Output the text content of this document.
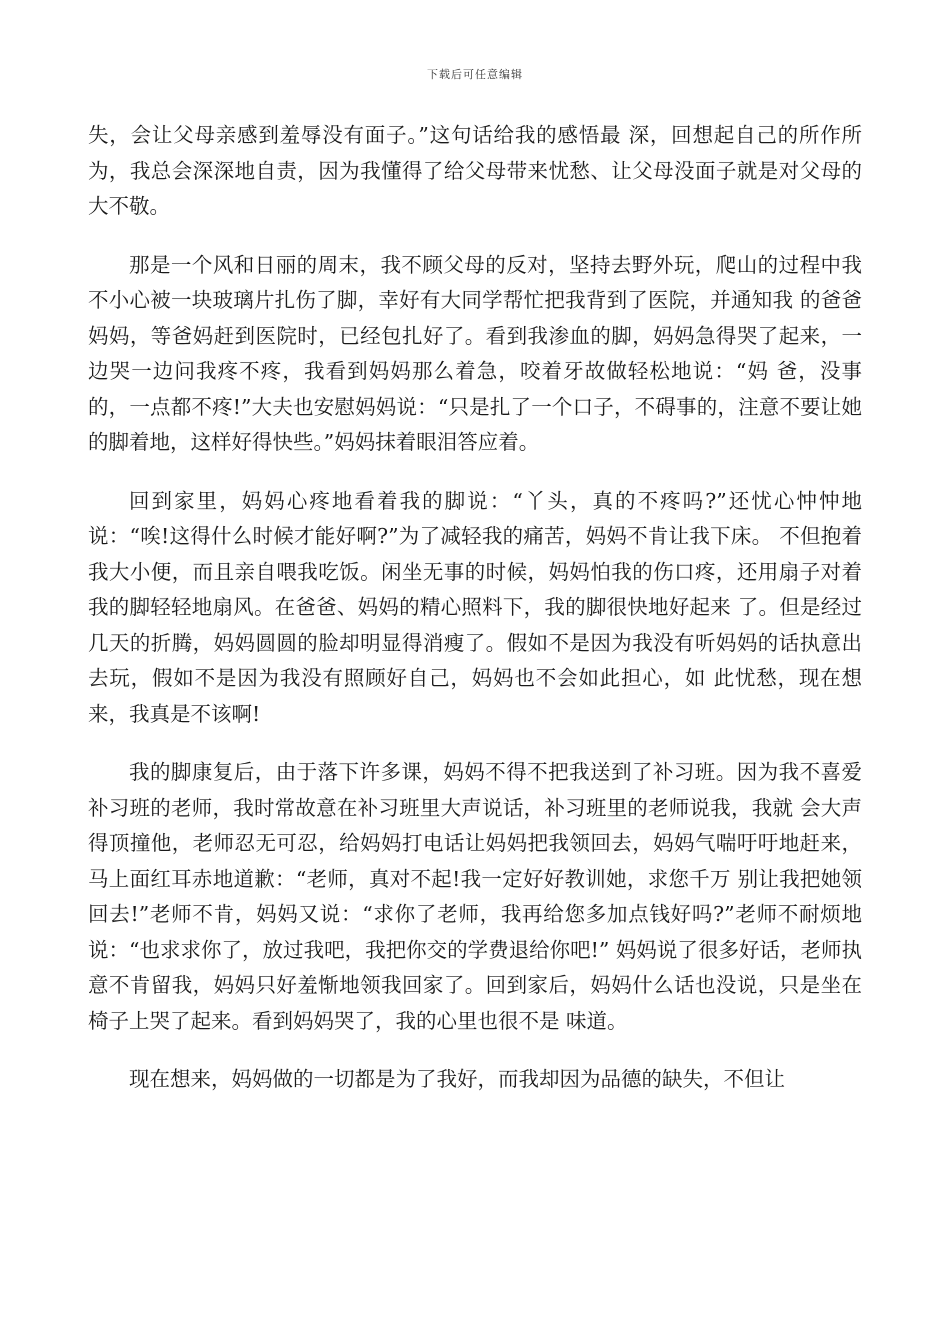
下载后可任意编辑

失，会让父母亲感到羞辱没有面子。”这句话给我的感悟最 深，回想起自己的所作所为，我总会深深地自责，因为我懂得了给父母带来忧愁、让父母没面子就是对父母的大不敬。

那是一个风和日丽的周末，我不顾父母的反对，坚持去野外玩，爬山的过程中我不小心被一块玻璃片扎伤了脚，幸好有大同学帮忙把我背到了医院，并通知我 的爸爸妈妈，等爸妈赶到医院时，已经包扎好了。看到我渗血的脚，妈妈急得哭了起来，一边哭一边问我疼不疼，我看到妈妈那么着急，咬着牙故做轻松地说：“妈 爸，没事的，一点都不疼!”大夫也安慰妈妈说：“只是扎了一个口子，不碍事的，注意不要让她的脚着地，这样好得快些。”妈妈抹着眼泪答应着。

回到家里，妈妈心疼地看着我的脚说：“丫头，真的不疼吗?”还忧心忡忡地说：“唉!这得什么时候才能好啊?”为了减轻我的痛苦，妈妈不肯让我下床。 不但抱着我大小便，而且亲自喂我吃饭。闲坐无事的时候，妈妈怕我的伤口疼，还用扇子对着我的脚轻轻地扇风。在爸爸、妈妈的精心照料下，我的脚很快地好起来 了。但是经过几天的折腾，妈妈圆圆的脸却明显得消瘦了。假如不是因为我没有听妈妈的话执意出去玩，假如不是因为我没有照顾好自己，妈妈也不会如此担心，如 此忧愁，现在想来，我真是不该啊!

我的脚康复后，由于落下许多课，妈妈不得不把我送到了补习班。因为我不喜爱补习班的老师，我时常故意在补习班里大声说话，补习班里的老师说我，我就 会大声得顶撞他，老师忍无可忍，给妈妈打电话让妈妈把我领回去，妈妈气喘吁吁地赶来，马上面红耳赤地道歉：“老师，真对不起!我一定好好教训她，求您千万 别让我把她领回去!”老师不肯，妈妈又说：“求你了老师，我再给您多加点钱好吗?”老师不耐烦地说：“也求求你了，放过我吧，我把你交的学费退给你吧!” 妈妈说了很多好话，老师执意不肯留我，妈妈只好羞惭地领我回家了。回到家后，妈妈什么话也没说，只是坐在椅子上哭了起来。看到妈妈哭了，我的心里也很不是 味道。

现在想来，妈妈做的一切都是为了我好，而我却因为品德的缺失，不但让
